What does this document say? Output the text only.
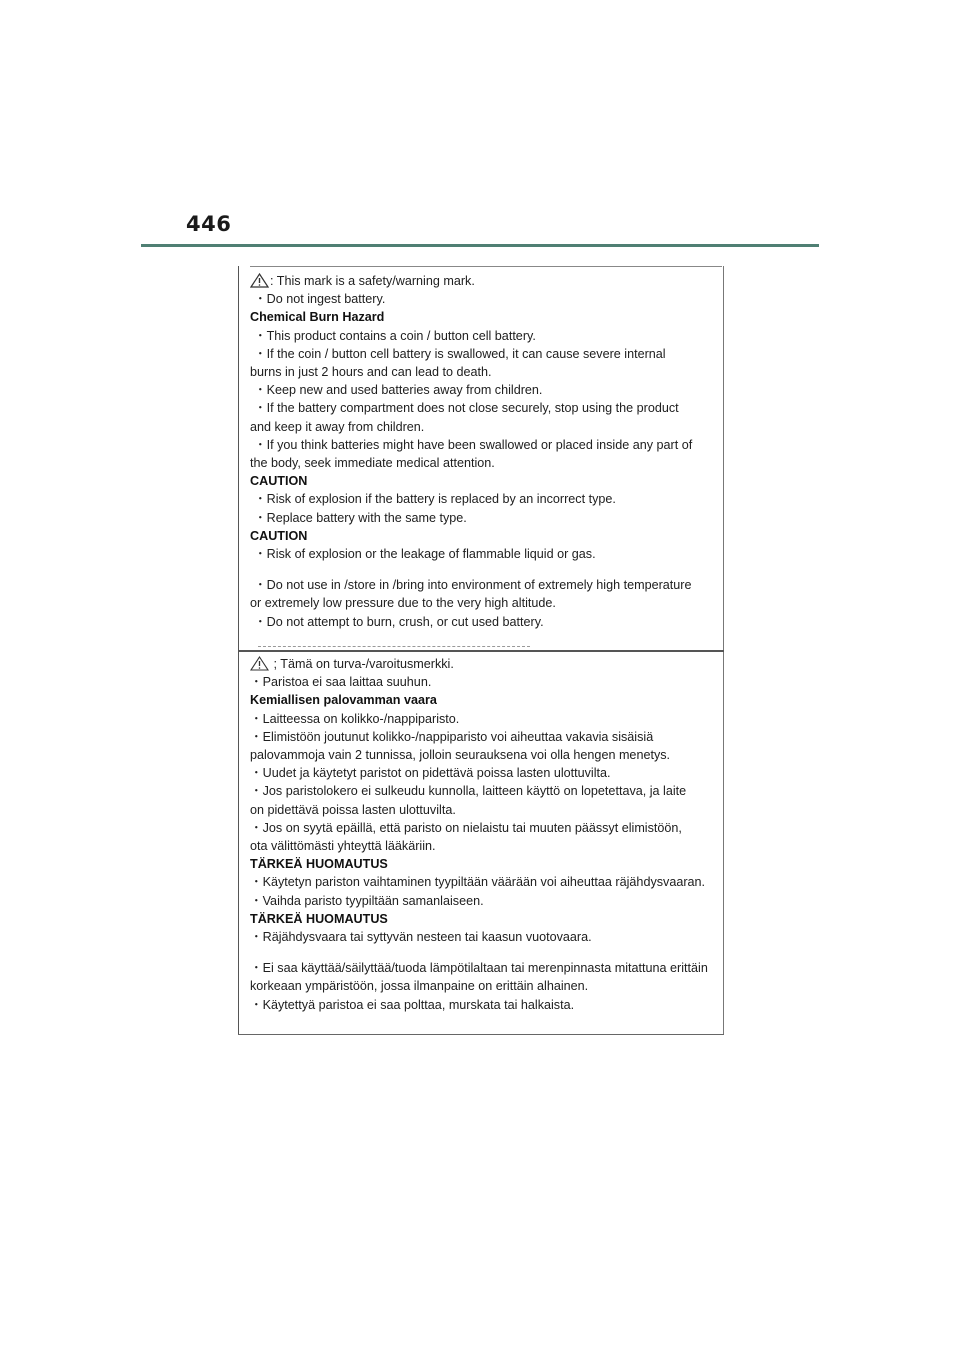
446
: This mark is a safety/warning mark.
・Do not ingest battery.
Chemical Burn Hazard
・This product contains a coin / button cell battery.
・If the coin / button cell battery is swallowed, it can cause severe internal
burns in just 2 hours and can lead to death.
・Keep new and used batteries away from children.
・If the battery compartment does not close securely, stop using the product
and keep it away from children.
・If you think batteries might have been swallowed or placed inside any part of
the body, seek immediate medical attention.
CAUTION
・Risk of explosion if the battery is replaced by an incorrect type.
・Replace battery with the same type.
CAUTION
・Risk of explosion or the leakage of flammable liquid or gas.
・Do not use in /store in /bring into environment of extremely high temperature
or extremely low pressure due to the very high altitude.
・Do not attempt to burn, crush, or cut used battery.
; Tämä on turva-/varoitusmerkki.
・Paristoa ei saa laittaa suuhun.
Kemiallisen palovamman vaara
・Laitteessa on kolikko-/nappiparisto.
・Elimistöön joutunut kolikko-/nappiparisto voi aiheuttaa vakavia sisäisiä
palovammoja vain 2 tunnissa, jolloin seurauksena voi olla hengen menetys.
・Uudet ja käytetyt paristot on pidettävä poissa lasten ulottuvilta.
・Jos paristolokero ei sulkeudu kunnolla, laitteen käyttö on lopetettava, ja laite
on pidettävä poissa lasten ulottuvilta.
・Jos on syytä epäillä, että paristo on nielaistu tai muuten päässyt elimistöön,
ota välittömästi yhteyttä lääkäriin.
TÄRKEÄ HUOMAUTUS
・Käytetyn pariston vaihtaminen tyypiltään väärään voi aiheuttaa räjähdysvaaran.
・Vaihda paristo tyypiltään samanlaiseen.
TÄRKEÄ HUOMAUTUS
・Räjähdysvaara tai syttyvän nesteen tai kaasun vuotovaara.
・Ei saa käyttää/säilyttää/tuoda lämpötilaltaan tai merenpinnasta mitattuna erittäin
korkeaan ympäristöön, jossa ilmanpaine on erittäin alhainen.
・Käytettyä paristoa ei saa polttaa, murskata tai halkaista.
